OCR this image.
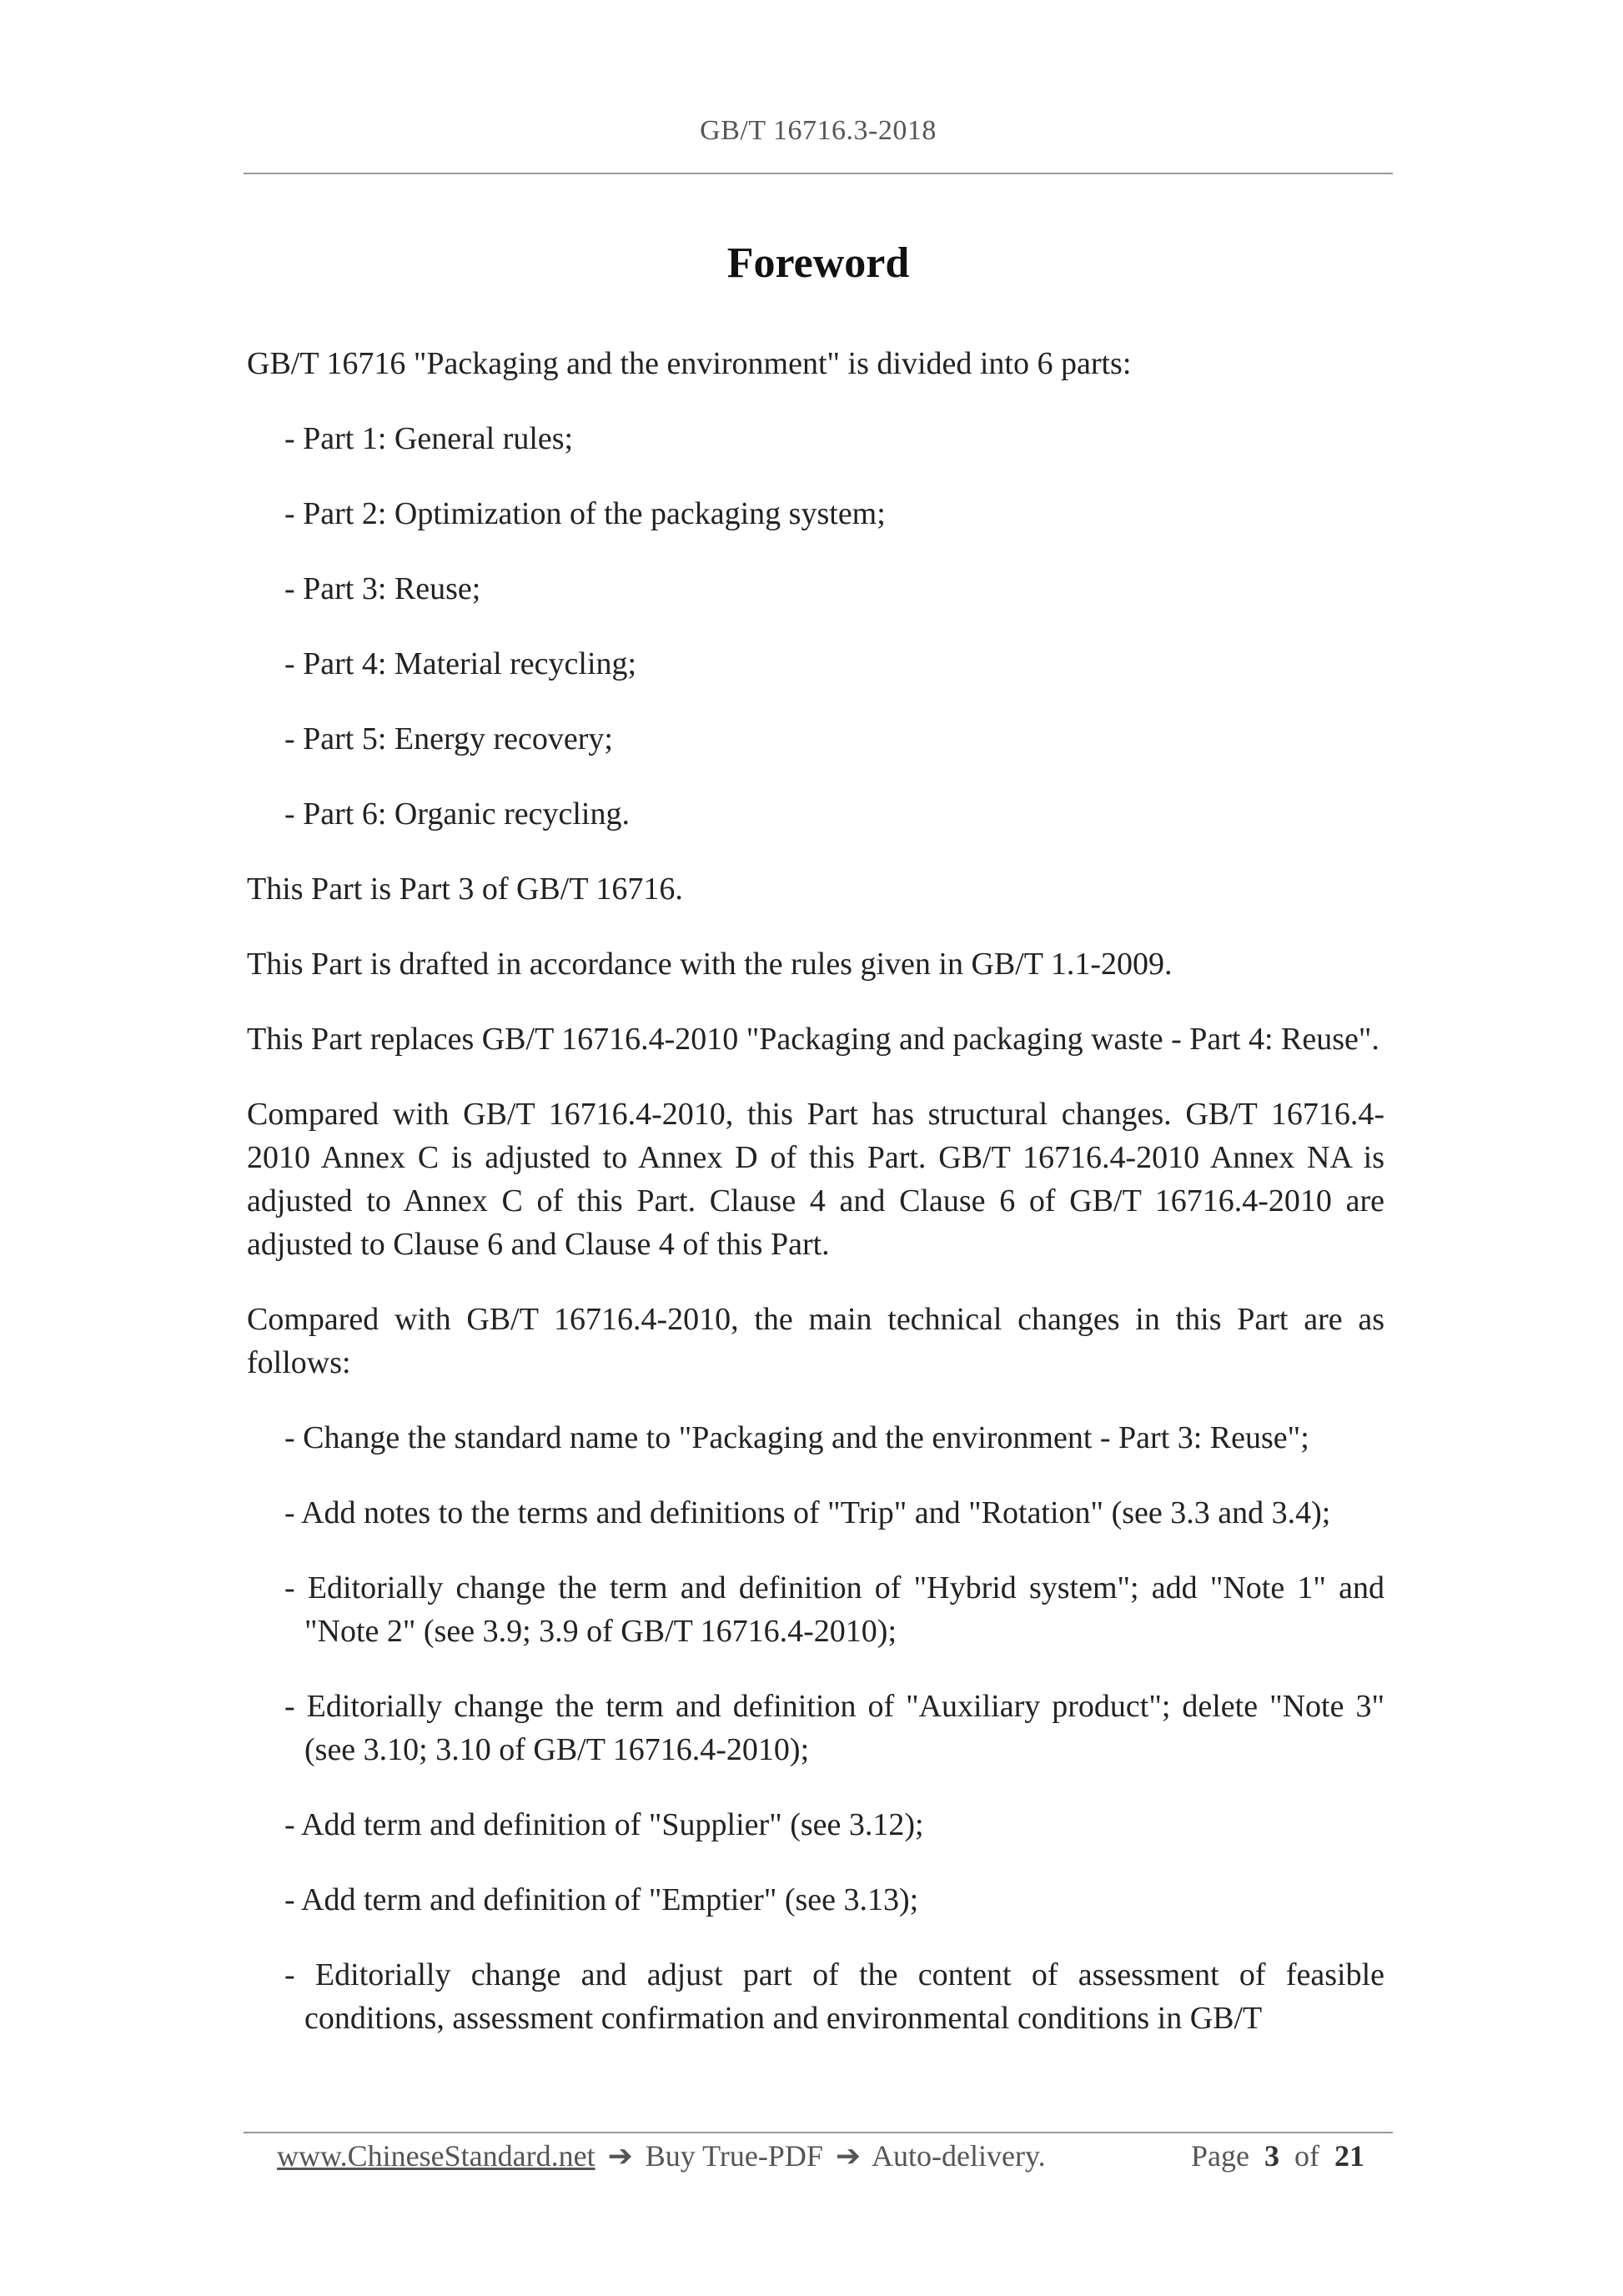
GB/T 16716.3-2018
Foreword

GB/T 16716 "Packaging and the environment" is divided into 6 parts:

- Part 1: General rules;

- Part 2: Optimization of the packaging system;

- Part 3: Reuse;

- Part 4: Material recycling;

- Part 5: Energy recovery;

- Part 6: Organic recycling.

This Part is Part 3 of GB/T 16716.

This Part is drafted in accordance with the rules given in GB/T 1.1-2009.

This Part replaces GB/T 16716.4-2010 "Packaging and packaging waste - Part 4: Reuse".

Compared with GB/T 16716.4-2010, this Part has structural changes. GB/T 16716.4-2010 Annex C is adjusted to Annex D of this Part. GB/T 16716.4-2010 Annex NA is adjusted to Annex C of this Part. Clause 4 and Clause 6 of GB/T 16716.4-2010 are adjusted to Clause 6 and Clause 4 of this Part.

Compared with GB/T 16716.4-2010, the main technical changes in this Part are as follows:

- Change the standard name to "Packaging and the environment - Part 3: Reuse";

- Add notes to the terms and definitions of "Trip" and "Rotation" (see 3.3 and 3.4);

- Editorially change the term and definition of "Hybrid system"; add "Note 1" and "Note 2" (see 3.9; 3.9 of GB/T 16716.4-2010);

- Editorially change the term and definition of "Auxiliary product"; delete "Note 3" (see 3.10; 3.10 of GB/T 16716.4-2010);

- Add term and definition of "Supplier" (see 3.12);

- Add term and definition of "Emptier" (see 3.13);

- Editorially change and adjust part of the content of assessment of feasible conditions, assessment confirmation and environmental conditions in GB/T

www.ChineseStandard.net ➔ Buy True-PDF ➔ Auto-delivery.	Page 3 of 21
